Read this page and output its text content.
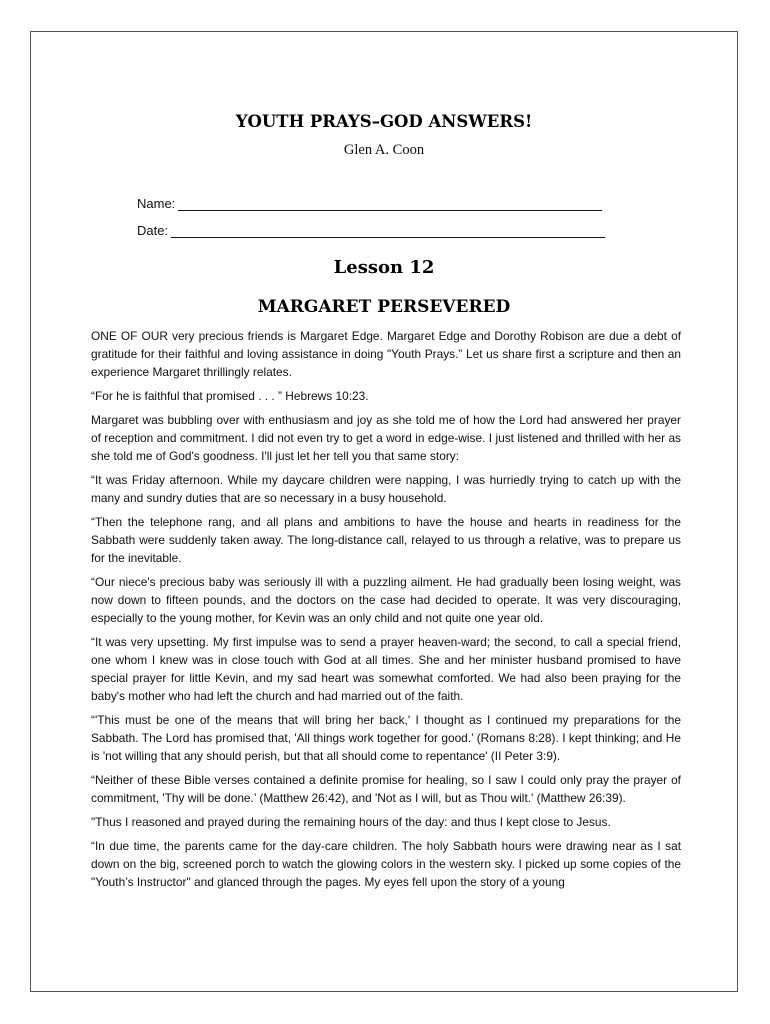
YOUTH PRAYS–GOD ANSWERS!
Glen A. Coon
Name:
Date:
Lesson 12
MARGARET PERSEVERED

ONE OF OUR very precious friends is Margaret Edge. Margaret Edge and Dorothy Robison are due a debt of gratitude for their faithful and loving assistance in doing "Youth Prays.” Let us share first a scripture and then an experience Margaret thrillingly relates.

“For he is faithful that promised . . . ” Hebrews 10:23.

Margaret was bubbling over with enthusiasm and joy as she told me of how the Lord had answered her prayer of reception and commitment. I did not even try to get a word in edge-wise. I just listened and thrilled with her as she told me of God's goodness. I'll just let her tell you that same story:

“It was Friday afternoon. While my daycare children were napping, I was hurriedly trying to catch up with the many and sundry duties that are so necessary in a busy household.

“Then the telephone rang, and all plans and ambitions to have the house and hearts in readiness for the Sabbath were suddenly taken away. The long-distance call, relayed to us through a relative, was to prepare us for the inevitable.

“Our niece's precious baby was seriously ill with a puzzling ailment. He had gradually been losing weight, was now down to fifteen pounds, and the doctors on the case had decided to operate. It was very discouraging, especially to the young mother, for Kevin was an only child and not quite one year old.

“It was very upsetting. My first impulse was to send a prayer heaven-ward; the second, to call a special friend, one whom I knew was in close touch with God at all times. She and her minister husband promised to have special prayer for little Kevin, and my sad heart was somewhat comforted. We had also been praying for the baby's mother who had left the church and had married out of the faith.

“'This must be one of the means that will bring her back,' I thought as I continued my preparations for the Sabbath. The Lord has promised that, 'All things work together for good.’ (Romans 8:28). I kept thinking; and He is 'not willing that any should perish, but that all should come to repentance' (II Peter 3:9).

“Neither of these Bible verses contained a definite promise for healing, so I saw I could only pray the prayer of commitment, 'Thy will be done.’ (Matthew 26:42), and 'Not as I will, but as Thou wilt.' (Matthew 26:39).

"Thus I reasoned and prayed during the remaining hours of the day: and thus I kept close to Jesus.

“In due time, the parents came for the day-care children. The holy Sabbath hours were drawing near as I sat down on the big, screened porch to watch the glowing colors in the western sky. I picked up some copies of the "Youth’s Instructor" and glanced through the pages. My eyes fell upon the story of a young
